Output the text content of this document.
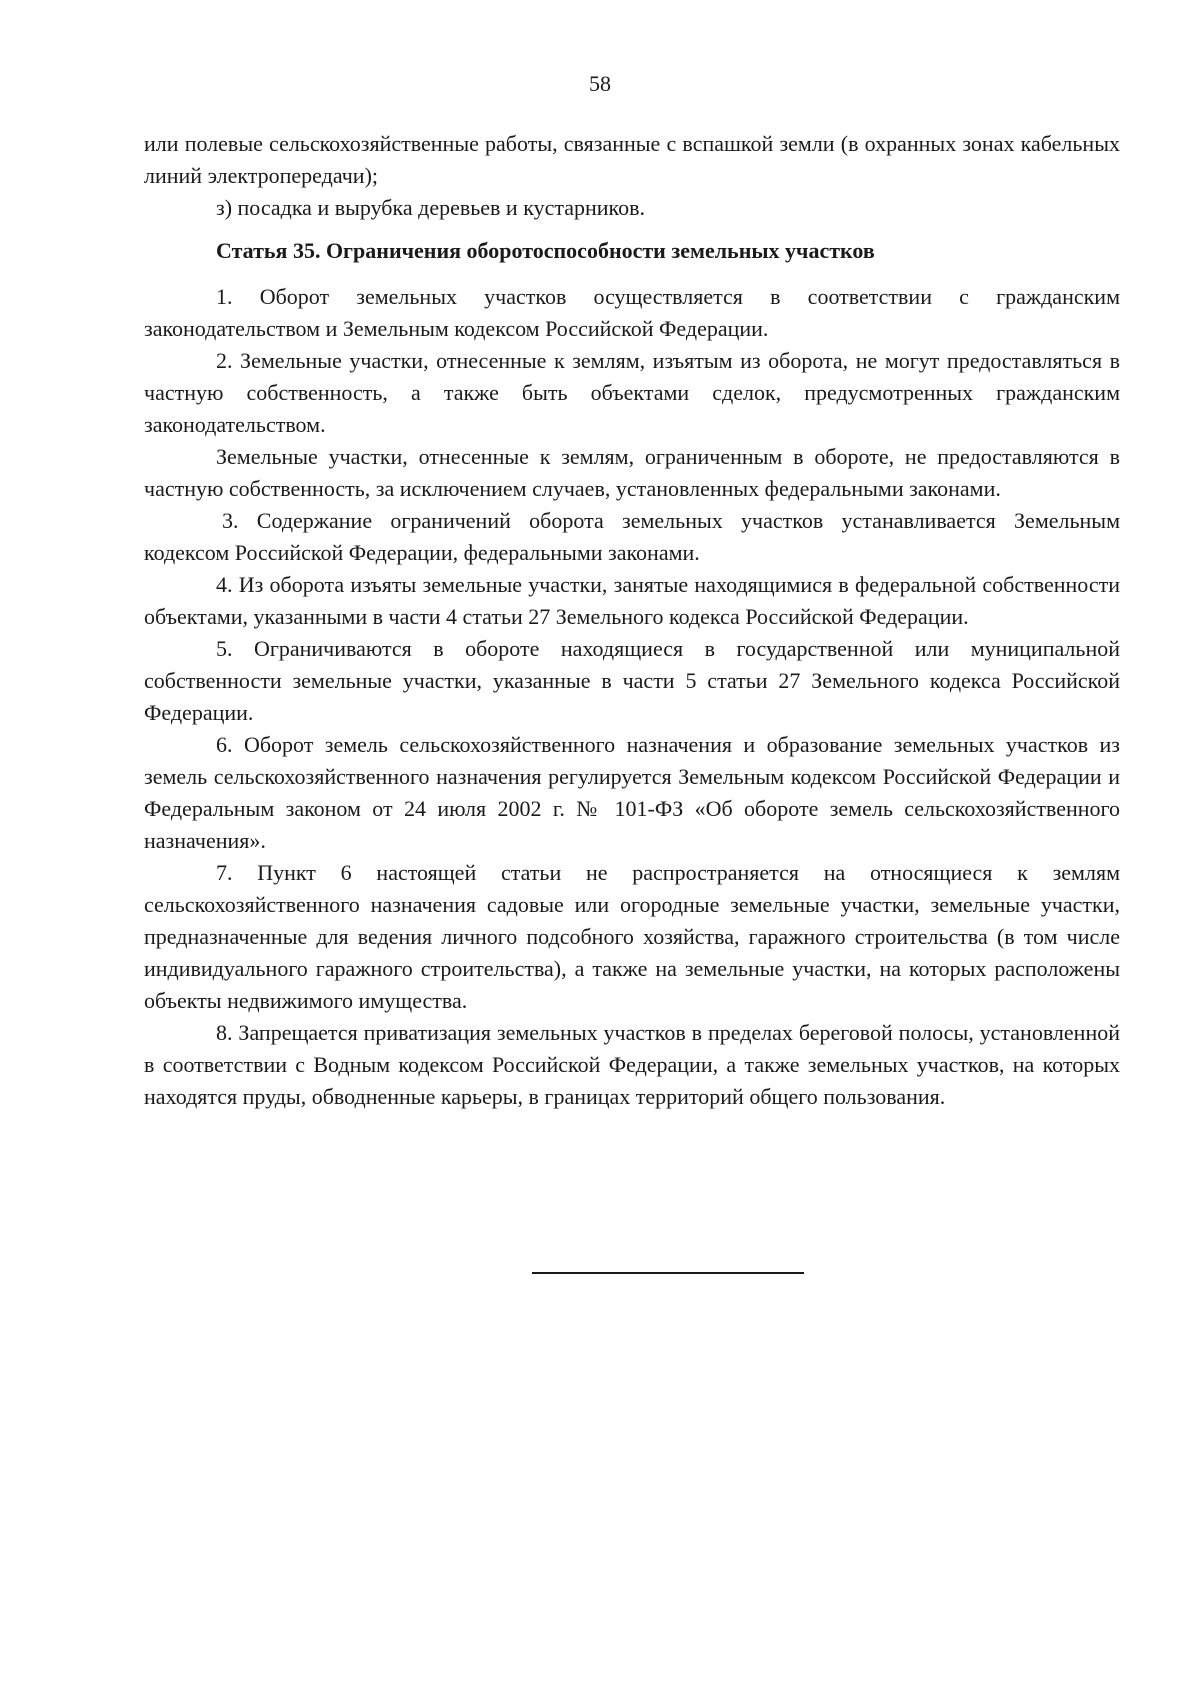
58

или полевые сельскохозяйственные работы, связанные с вспашкой земли (в охранных зонах кабельных линий электропередачи);

з) посадка и вырубка деревьев и кустарников.

Статья 35. Ограничения оборотоспособности земельных участков

1. Оборот земельных участков осуществляется в соответствии с гражданским законодательством и Земельным кодексом Российской Федерации.

2. Земельные участки, отнесенные к землям, изъятым из оборота, не могут предоставляться в частную собственность, а также быть объектами сделок, предусмотренных гражданским законодательством.

Земельные участки, отнесенные к землям, ограниченным в обороте, не предоставляются в частную собственность, за исключением случаев, установленных федеральными законами.

3. Содержание ограничений оборота земельных участков устанавливается Земельным кодексом Российской Федерации, федеральными законами.

4. Из оборота изъяты земельные участки, занятые находящимися в федеральной собственности объектами, указанными в части 4 статьи 27 Земельного кодекса Российской Федерации.

5. Ограничиваются в обороте находящиеся в государственной или муниципальной собственности земельные участки, указанные в части 5 статьи 27 Земельного кодекса Российской Федерации.

6. Оборот земель сельскохозяйственного назначения и образование земельных участков из земель сельскохозяйственного назначения регулируется Земельным кодексом Российской Федерации и Федеральным законом от 24 июля 2002 г. № 101-ФЗ «Об обороте земель сельскохозяйственного назначения».

7. Пункт 6 настоящей статьи не распространяется на относящиеся к землям сельскохозяйственного назначения садовые или огородные земельные участки, земельные участки, предназначенные для ведения личного подсобного хозяйства, гаражного строительства (в том числе индивидуального гаражного строительства), а также на земельные участки, на которых расположены объекты недвижимого имущества.

8. Запрещается приватизация земельных участков в пределах береговой полосы, установленной в соответствии с Водным кодексом Российской Федерации, а также земельных участков, на которых находятся пруды, обводненные карьеры, в границах территорий общего пользования.
